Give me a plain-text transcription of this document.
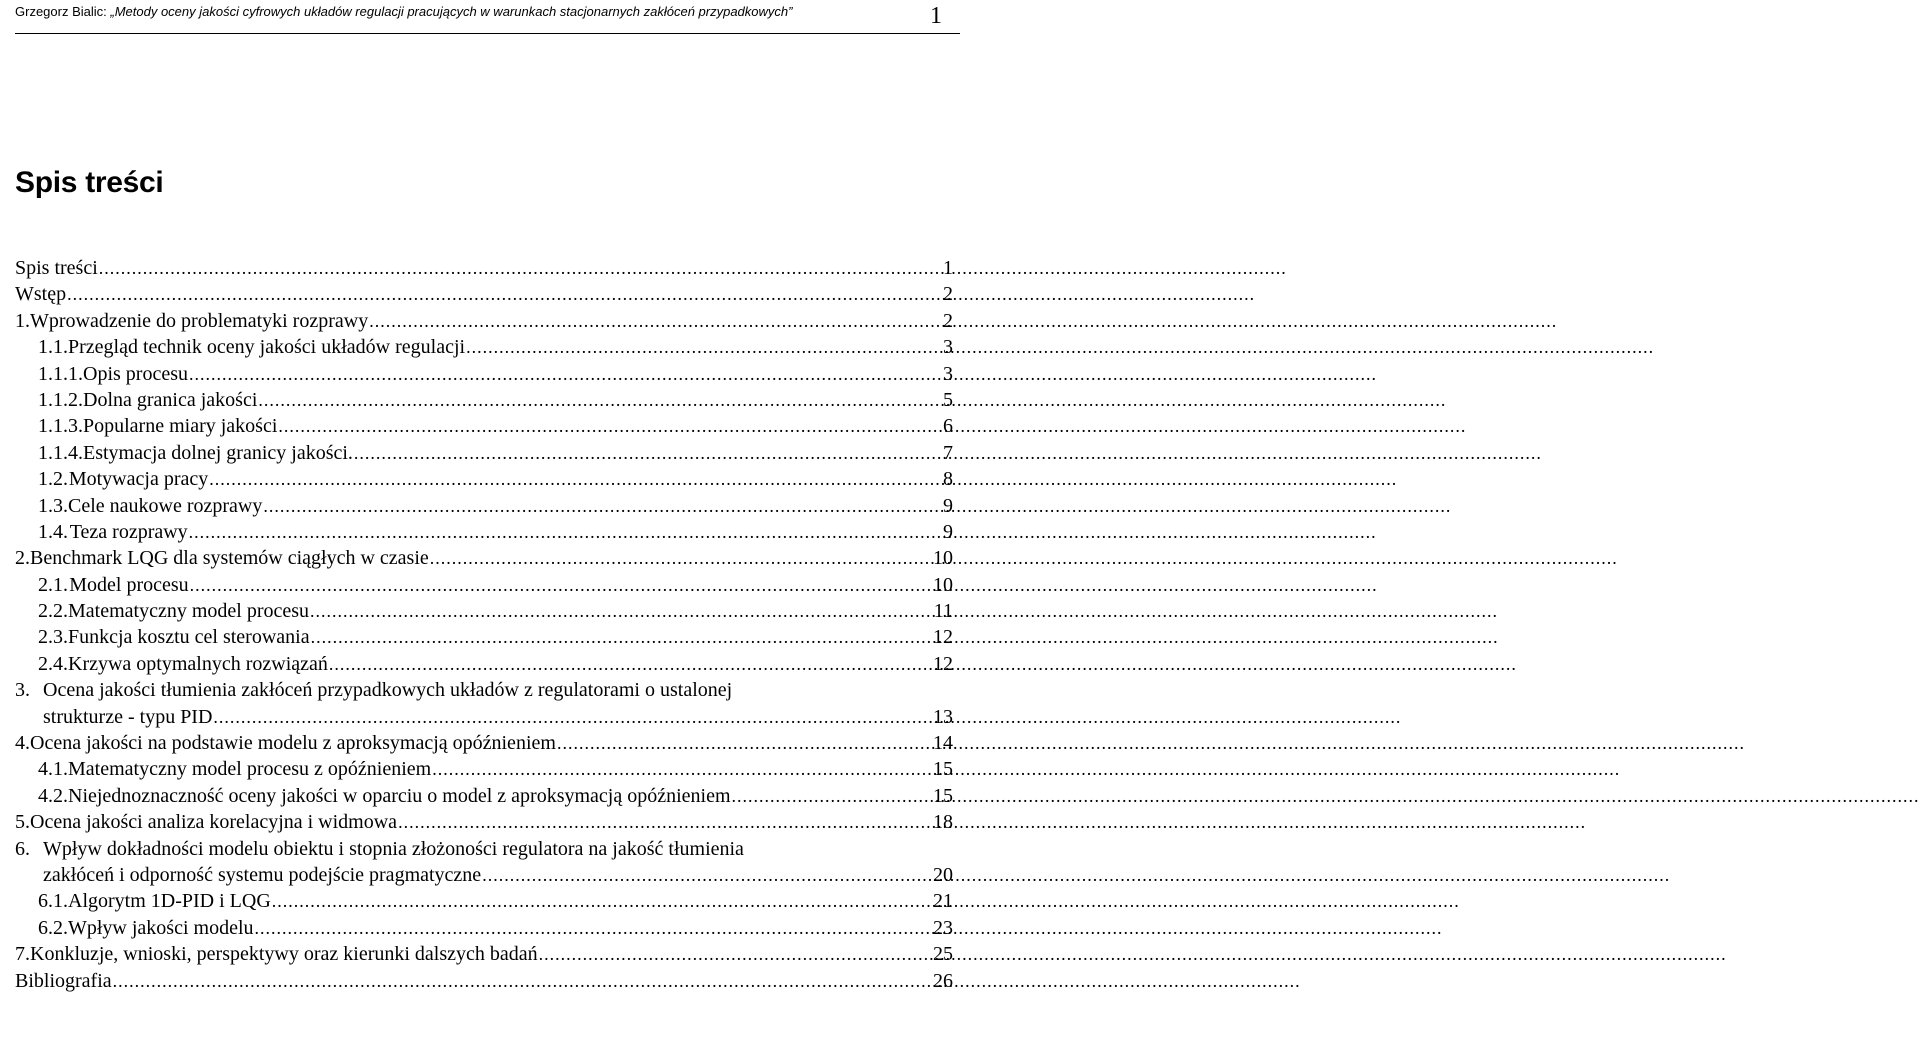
Grzegorz Bialic: „Metody oceny jakości cyfrowych układów regulacji pracujących w warunkach stacjonarnych zakłóceń przypadkowych”	1
Spis treści
Spis treści .....	1
Wstęp .....	2
1. Wprowadzenie do problematyki rozprawy .....	2
1.1. Przegląd technik oceny jakości układów regulacji .....	3
1.1.1. Opis procesu .....	3
1.1.2. Dolna granica jakości .....	5
1.1.3. Popularne miary jakości .....	6
1.1.4. Estymacja dolnej granicy jakości. .....	7
1.2. Motywacja pracy .....	8
1.3. Cele naukowe rozprawy .....	9
1.4. Teza rozprawy .....	9
2. Benchmark LQG dla systemów ciągłych w czasie .....	10
2.1. Model procesu .....	10
2.2. Matematyczny model procesu .....	11
2.3. Funkcja kosztu cel sterowania .....	12
2.4. Krzywa optymalnych rozwiązań .....	12
3. Ocena jakości tłumienia zakłóceń przypadkowych układów z regulatorami o ustalonej
strukturze - typu PID .....	13
4. Ocena jakości na podstawie modelu z aproksymacją opóźnieniem .....	14
4.1. Matematyczny model procesu z opóźnieniem .....	15
4.2. Niejednoznaczność oceny jakości w oparciu o model z aproksymacją opóźnieniem .....	15
5. Ocena jakości analiza korelacyjna i widmowa .....	18
6. Wpływ dokładności modelu obiektu i stopnia złożoności regulatora na jakość tłumienia
zakłóceń i odporność systemu podejście pragmatyczne .....	20
6.1. Algorytm 1D-PID i LQG .....	21
6.2. Wpływ jakości modelu .....	23
7. Konkluzje, wnioski, perspektywy oraz kierunki dalszych badań .....	25
Bibliografia .....	26
